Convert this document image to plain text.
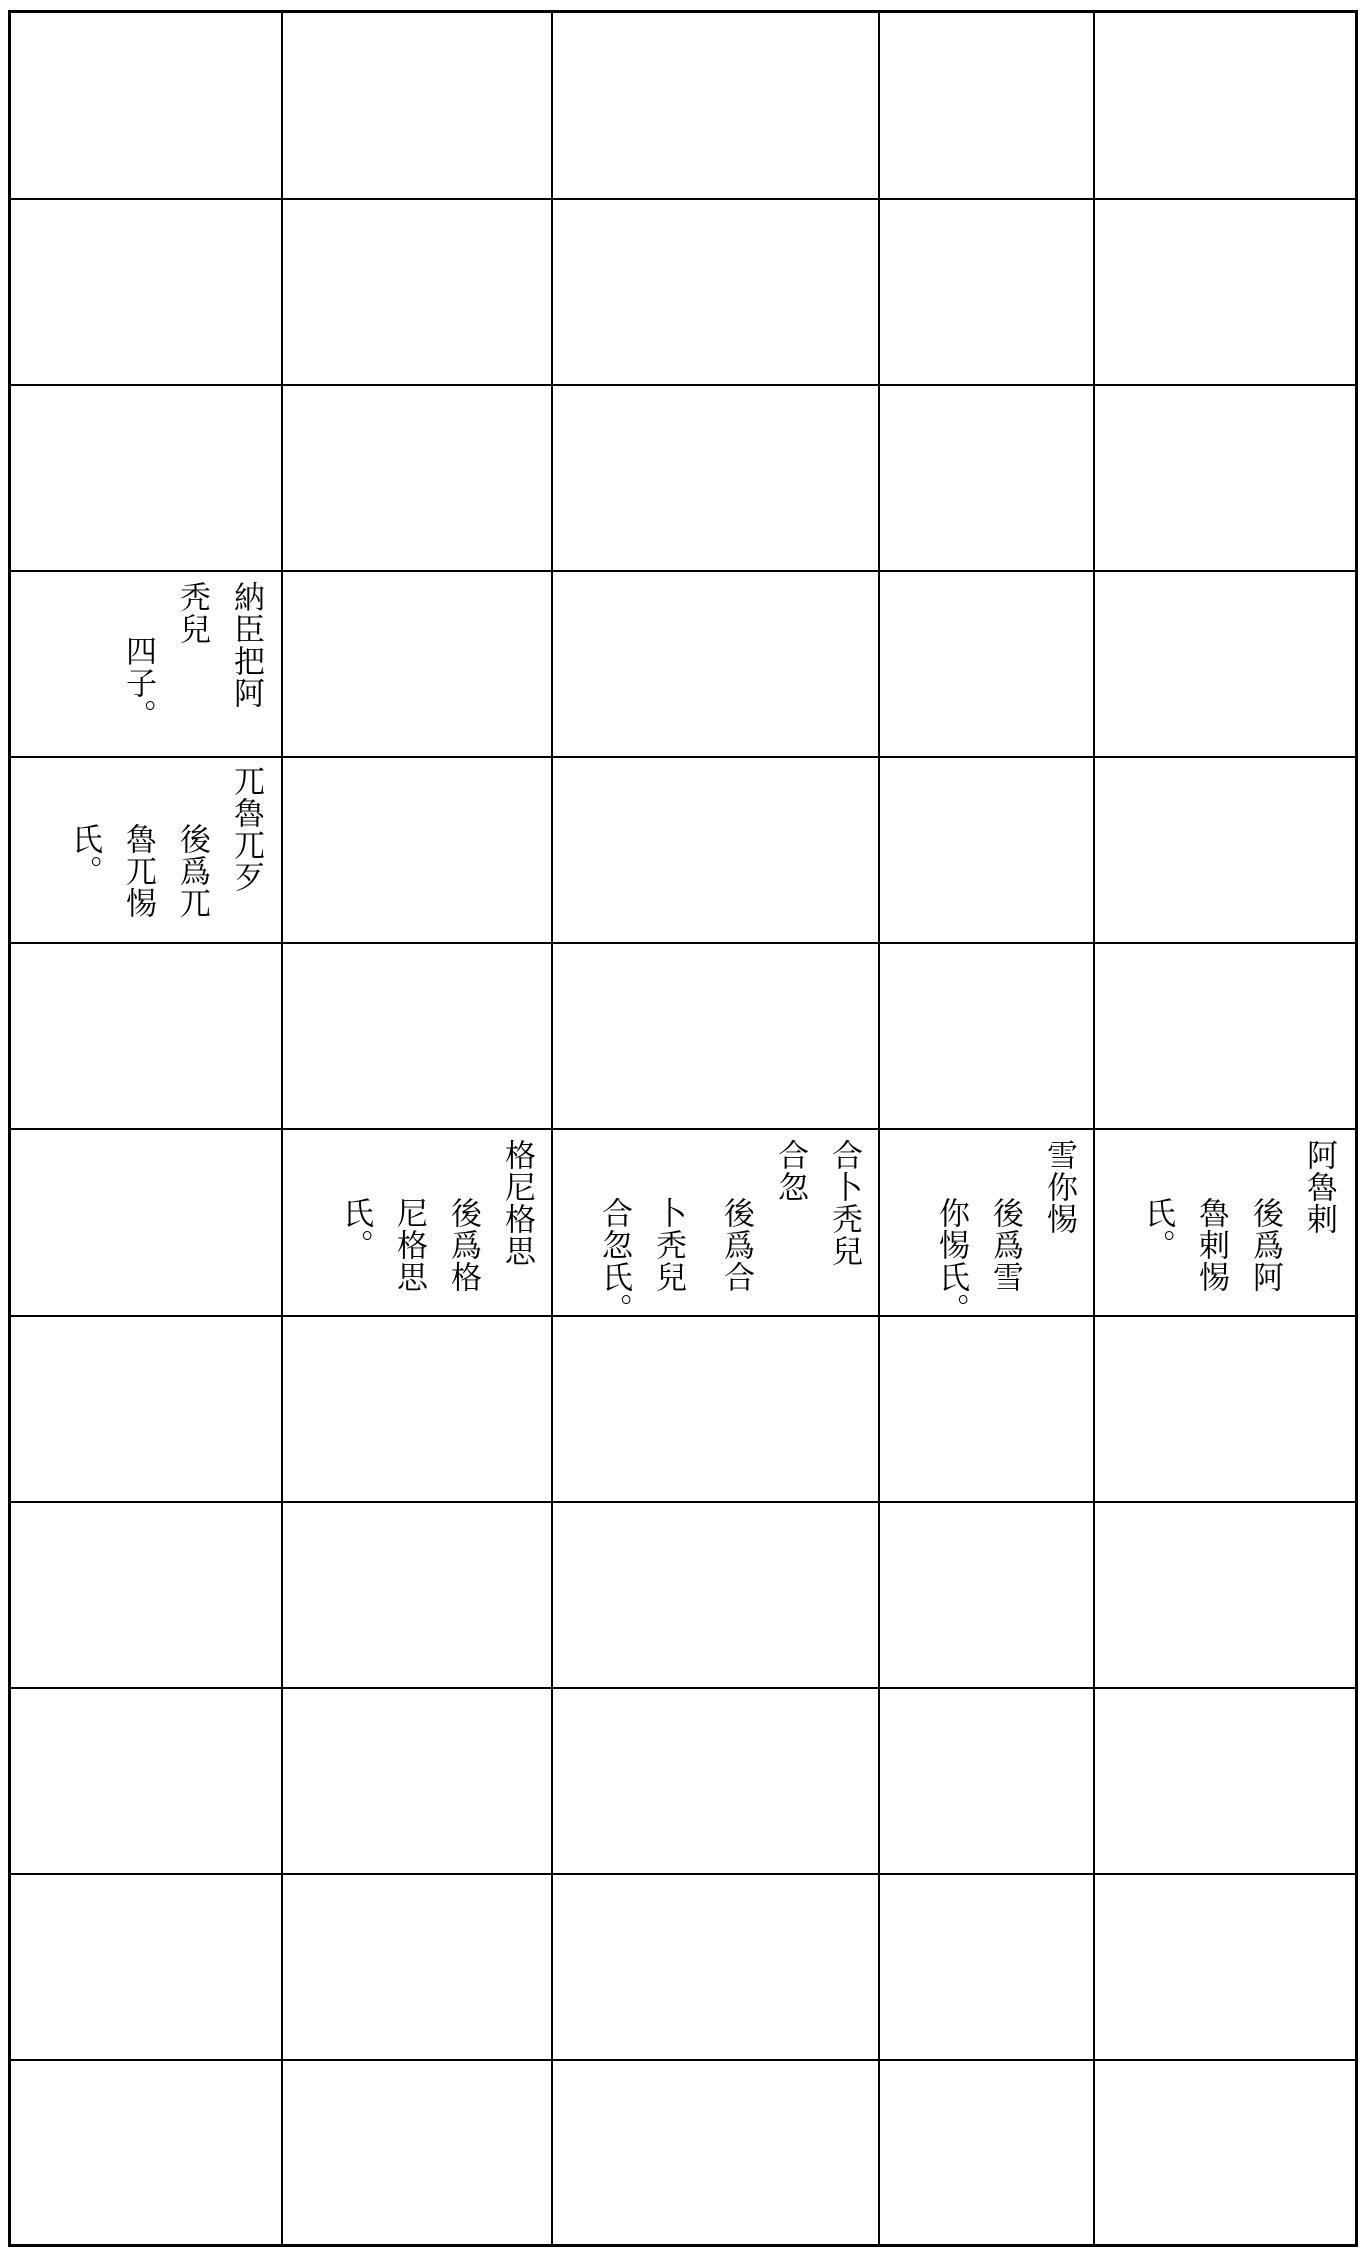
納臣把阿
秃兒
四子。
兀魯兀歹
後爲兀
魯兀惕
氏。
阿魯剌
後爲阿
魯剌惕
氏。
雪你惕
後爲雪
你惕氏。
合卜秃兒
合忽
後爲合
卜秃兒
合忽氏。
格尼格思
後爲格
尼格思
氏。
